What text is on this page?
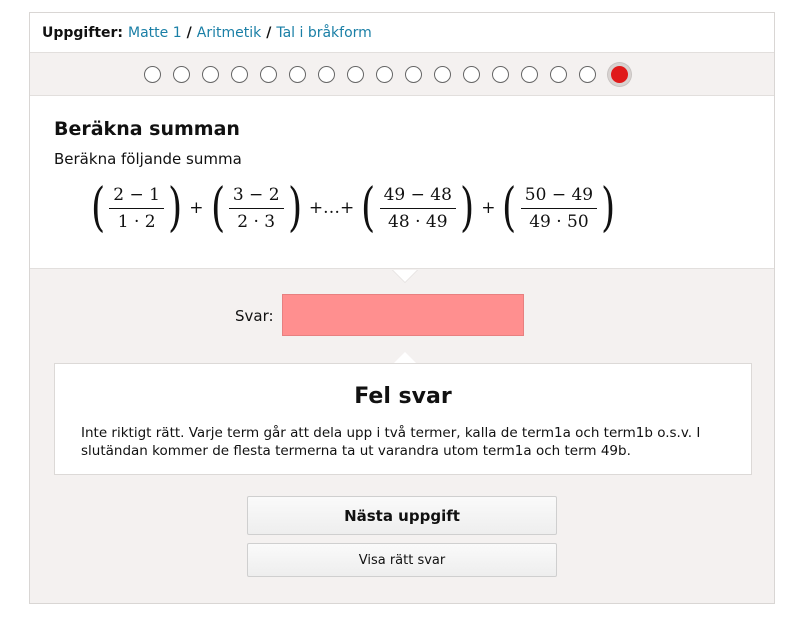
Uppgifter: Matte 1 / Aritmetik / Tal i bråkform
Beräkna summan
Beräkna följande summa
( $\frac{2 - 1}{1 \cdot 2}$ ) + ( $\frac{3 - 2}{2 \cdot 3}$ ) +…+ ( $\frac{49 - 48}{48 \cdot 49}$ ) + ( $\frac{50 - 49}{49 \cdot 50}$ )
Svar:
Fel svar

Inte riktigt rätt. Varje term går att dela upp i två termer, kalla de term1a och term1b o.s.v. I slutändan kommer de flesta termerna ta ut varandra utom term1a och term 49b.

Nästa uppgift
Visa rätt svar
